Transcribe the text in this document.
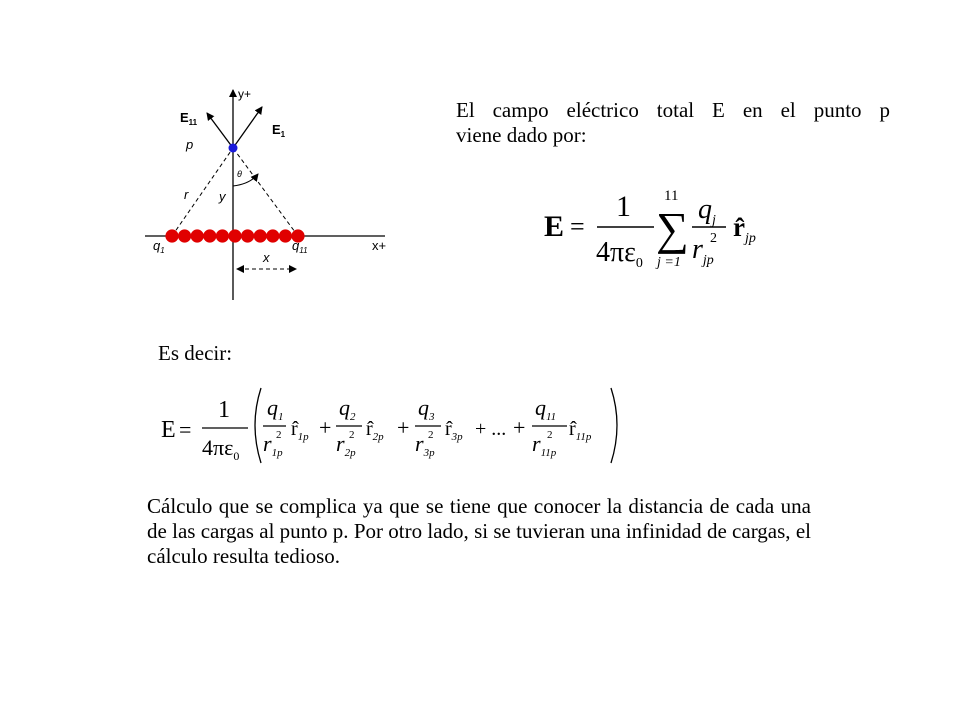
y+
x+
$E_{11}$	$E_1$
p
θ
r y
$q_1$	$q_{11}$
x
El campo eléctrico total E en el punto p
viene dado por:
E =
1
$4\pi\varepsilon_0$
11
∑
j =1
$q_j$
2
$r_{jp}$
$r̂_{jp}$
Es decir:
E =
1
$4\pi\varepsilon_0$
$q_1$
2
$r_{1p}$
$r̂_{1p}$ +
$q_2$
2
$r_{2p}$
$r̂_{2p}$ +
$q_3$
2
$r_{3p}$
$r̂_{3p}$ + ... +
$q_{11}$
2
$r_{11p}$
$r̂_{11p}$
Cálculo que se complica ya que se tiene que conocer la distancia de cada una de las cargas al punto p. Por otro lado, si se tuvieran una infinidad de cargas, el cálculo resulta tedioso.
